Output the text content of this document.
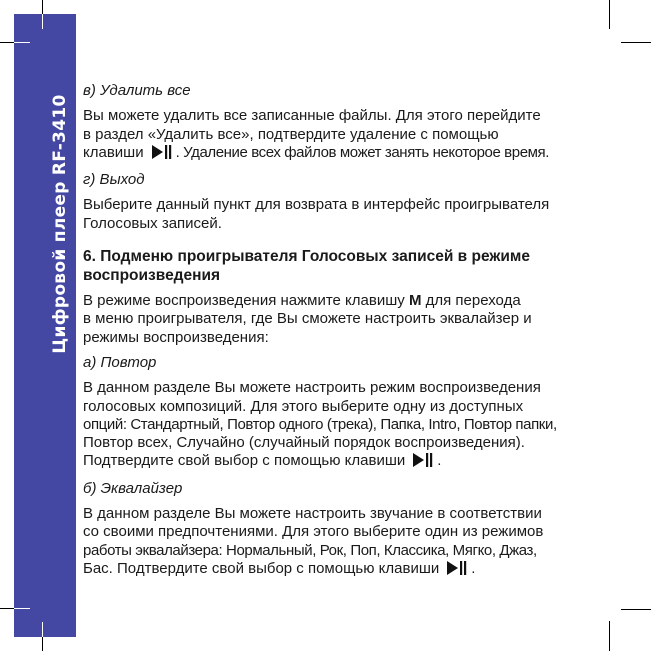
Цифровой плеер RF-3410

в) Удалить все

Вы можете удалить все записанные файлы. Для этого перейдите

в раздел «Удалить все», подтвердите удаление с помощью

клавиши . Удаление всех файлов может занять некоторое время.

г) Выход

Выберите данный пункт для возврата в интерфейс проигрывателя

Голосовых записей.

6. Подменю проигрывателя Голосовых записей в режиме

воспроизведения

В режиме воспроизведения нажмите клавишу M для перехода

в меню проигрывателя, где Вы сможете настроить эквалайзер и

режимы воспроизведения:

а) Повтор

В данном разделе Вы можете настроить режим воспроизведения

голосовых композиций. Для этого выберите одну из доступных

опций: Стандартный, Повтор одного (трека), Папка, Intro, Повтор папки,

Повтор всех, Случайно (случайный порядок воспроизведения).

Подтвердите свой выбор с помощью клавиши .

б) Эквалайзер

В данном разделе Вы можете настроить звучание в соответствии

со своими предпочтениями. Для этого выберите один из режимов

работы эквалайзера: Нормальный, Рок, Поп, Классика, Мягко, Джаз,

Бас. Подтвердите свой выбор с помощью клавиши .
